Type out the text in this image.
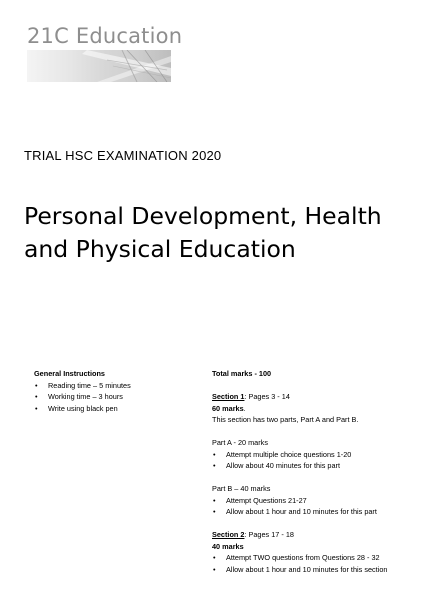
21C Education
TRIAL HSC EXAMINATION 2020
Personal Development, Health and Physical Education
General Instructions
• Reading time – 5 minutes
• Working time – 3 hours
• Write using black pen
Total marks - 100
Section 1: Pages 3 - 14
60 marks.
This section has two parts, Part A and Part B.
Part A - 20 marks
• Attempt multiple choice questions 1-20
• Allow about 40 minutes for this part
Part B – 40 marks
• Attempt Questions 21-27
• Allow about 1 hour and 10 minutes for this part
Section 2: Pages 17 - 18
40 marks
• Attempt TWO questions from Questions 28 - 32
• Allow about 1 hour and 10 minutes for this section
